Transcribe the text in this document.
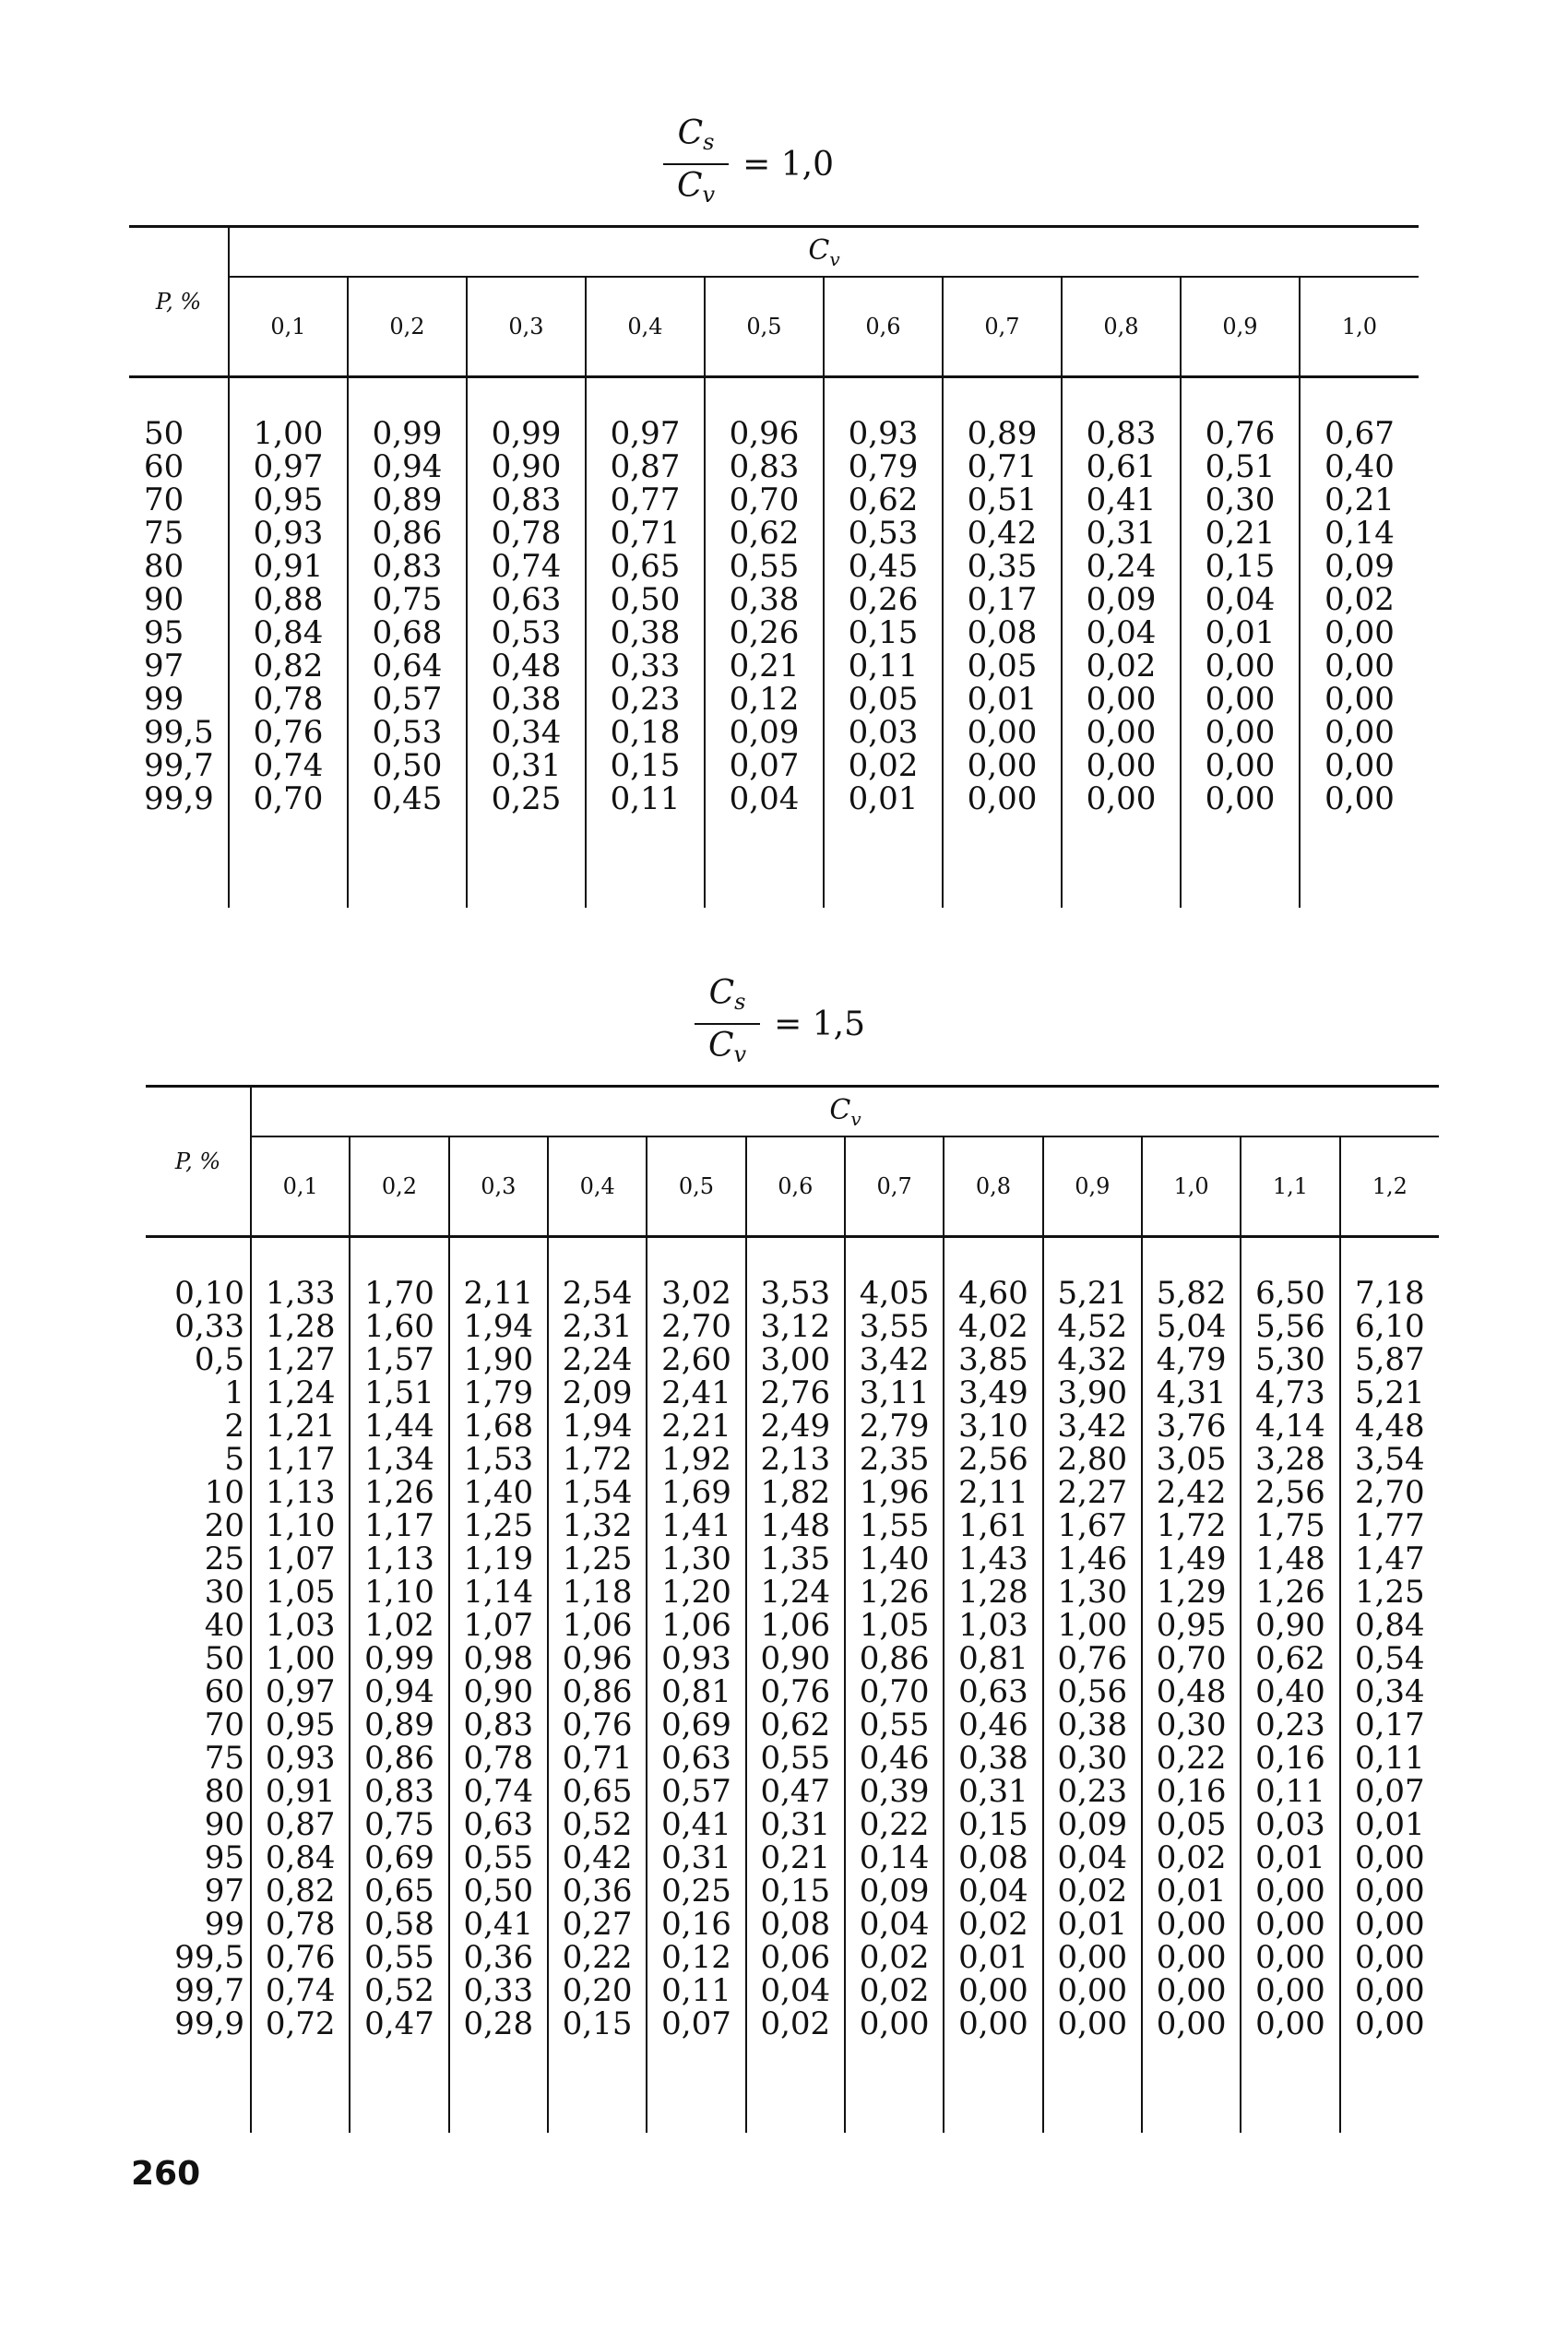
$\frac{C_s}{C_v} = 1,0$
P, %	$C_v$
	0,1	0,2	0,3	0,4	0,5	0,6	0,7	0,8	0,9	1,0
50	1,00	0,99	0,99	0,97	0,96	0,93	0,89	0,83	0,76	0,67
60	0,97	0,94	0,90	0,87	0,83	0,79	0,71	0,61	0,51	0,40
70	0,95	0,89	0,83	0,77	0,70	0,62	0,51	0,41	0,30	0,21
75	0,93	0,86	0,78	0,71	0,62	0,53	0,42	0,31	0,21	0,14
80	0,91	0,83	0,74	0,65	0,55	0,45	0,35	0,24	0,15	0,09
90	0,88	0,75	0,63	0,50	0,38	0,26	0,17	0,09	0,04	0,02
95	0,84	0,68	0,53	0,38	0,26	0,15	0,08	0,04	0,01	0,00
97	0,82	0,64	0,48	0,33	0,21	0,11	0,05	0,02	0,00	0,00
99	0,78	0,57	0,38	0,23	0,12	0,05	0,01	0,00	0,00	0,00
99,5	0,76	0,53	0,34	0,18	0,09	0,03	0,00	0,00	0,00	0,00
99,7	0,74	0,50	0,31	0,15	0,07	0,02	0,00	0,00	0,00	0,00
99,9	0,70	0,45	0,25	0,11	0,04	0,01	0,00	0,00	0,00	0,00

$\frac{C_s}{C_v} = 1,5$
P, %	$C_v$
	0,1	0,2	0,3	0,4	0,5	0,6	0,7	0,8	0,9	1,0	1,1	1,2
0,10	1,33	1,70	2,11	2,54	3,02	3,53	4,05	4,60	5,21	5,82	6,50	7,18
0,33	1,28	1,60	1,94	2,31	2,70	3,12	3,55	4,02	4,52	5,04	5,56	6,10
0,5	1,27	1,57	1,90	2,24	2,60	3,00	3,42	3,85	4,32	4,79	5,30	5,87
1	1,24	1,51	1,79	2,09	2,41	2,76	3,11	3,49	3,90	4,31	4,73	5,21
2	1,21	1,44	1,68	1,94	2,21	2,49	2,79	3,10	3,42	3,76	4,14	4,48
5	1,17	1,34	1,53	1,72	1,92	2,13	2,35	2,56	2,80	3,05	3,28	3,54
10	1,13	1,26	1,40	1,54	1,69	1,82	1,96	2,11	2,27	2,42	2,56	2,70
20	1,10	1,17	1,25	1,32	1,41	1,48	1,55	1,61	1,67	1,72	1,75	1,77
25	1,07	1,13	1,19	1,25	1,30	1,35	1,40	1,43	1,46	1,49	1,48	1,47
30	1,05	1,10	1,14	1,18	1,20	1,24	1,26	1,28	1,30	1,29	1,26	1,25
40	1,03	1,02	1,07	1,06	1,06	1,06	1,05	1,03	1,00	0,95	0,90	0,84
50	1,00	0,99	0,98	0,96	0,93	0,90	0,86	0,81	0,76	0,70	0,62	0,54
60	0,97	0,94	0,90	0,86	0,81	0,76	0,70	0,63	0,56	0,48	0,40	0,34
70	0,95	0,89	0,83	0,76	0,69	0,62	0,55	0,46	0,38	0,30	0,23	0,17
75	0,93	0,86	0,78	0,71	0,63	0,55	0,46	0,38	0,30	0,22	0,16	0,11
80	0,91	0,83	0,74	0,65	0,57	0,47	0,39	0,31	0,23	0,16	0,11	0,07
90	0,87	0,75	0,63	0,52	0,41	0,31	0,22	0,15	0,09	0,05	0,03	0,01
95	0,84	0,69	0,55	0,42	0,31	0,21	0,14	0,08	0,04	0,02	0,01	0,00
97	0,82	0,65	0,50	0,36	0,25	0,15	0,09	0,04	0,02	0,01	0,00	0,00
99	0,78	0,58	0,41	0,27	0,16	0,08	0,04	0,02	0,01	0,00	0,00	0,00
99,5	0,76	0,55	0,36	0,22	0,12	0,06	0,02	0,01	0,00	0,00	0,00	0,00
99,7	0,74	0,52	0,33	0,20	0,11	0,04	0,02	0,00	0,00	0,00	0,00	0,00
99,9	0,72	0,47	0,28	0,15	0,07	0,02	0,00	0,00	0,00	0,00	0,00	0,00

260
